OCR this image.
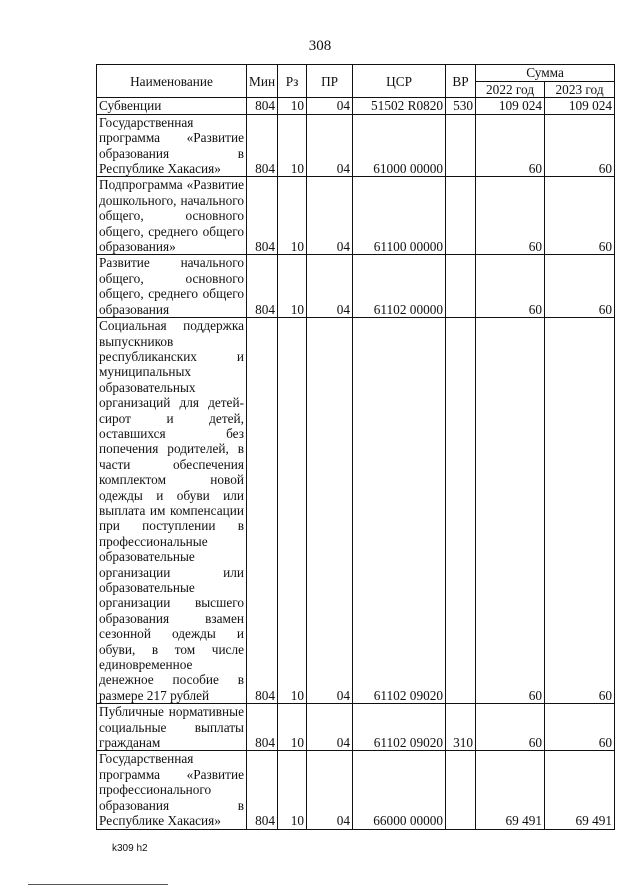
308
Наименование	Мин	Рз	ПР	ЦСР	ВР	Сумма	
						2022 год	2023 год
Субвенции	804	10	04	51502 R0820	530	109 024	109 024
Государственная программа «Развитие образования в Республике Хакасия»	804	10	04	61000 00000		60	60
Подпрограмма «Развитие дошкольного, начального общего, основного общего, среднего общего образования»	804	10	04	61100 00000		60	60
Развитие начального общего, основного общего, среднего общего образования	804	10	04	61102 00000		60	60
Социальная поддержка выпускников республиканских и муниципальных образовательных организаций для детей-сирот и детей, оставшихся без попечения родителей, в части обеспечения комплектом новой одежды и обуви или выплата им компенсации при поступлении в профессиональные образовательные организации или образовательные организации высшего образования взамен сезонной одежды и обуви, в том числе единовременное денежное пособие в размере 217 рублей	804	10	04	61102 09020		60	60
Публичные нормативные социальные выплаты гражданам	804	10	04	61102 09020	310	60	60
Государственная программа «Развитие профессионального образования в Республике Хакасия»	804	10	04	66000 00000		69 491	69 491
k309 h2
